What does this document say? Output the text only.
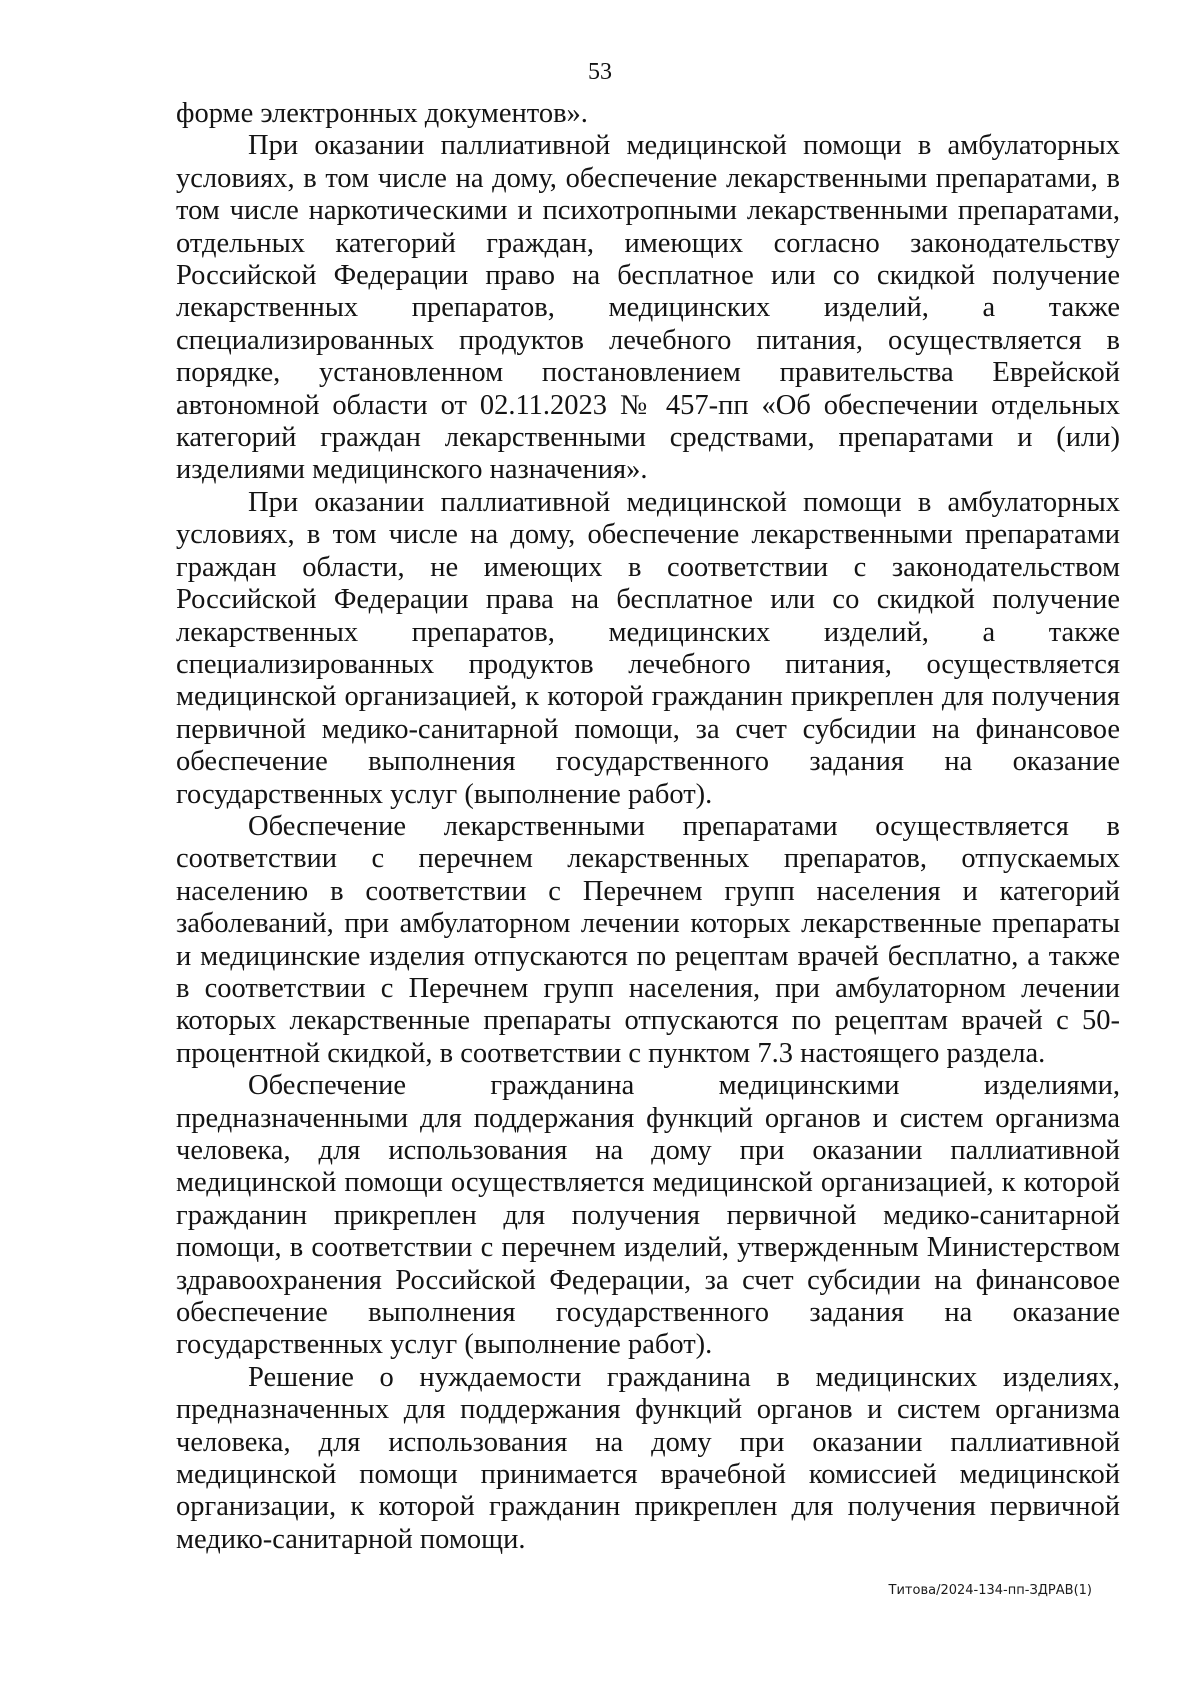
53

форме электронных документов».

При оказании паллиативной медицинской помощи в амбулаторных условиях, в том числе на дому, обеспечение лекарственными препаратами, в том числе наркотическими и психотропными лекарственными препаратами, отдельных категорий граждан, имеющих согласно законодательству Российской Федерации право на бесплатное или со скидкой получение лекарственных препаратов, медицинских изделий, а также специализированных продуктов лечебного питания, осуществляется в порядке, установленном постановлением правительства Еврейской автономной области от 02.11.2023 № 457-пп «Об обеспечении отдельных категорий граждан лекарственными средствами, препаратами и (или) изделиями медицинского назначения».

При оказании паллиативной медицинской помощи в амбулаторных условиях, в том числе на дому, обеспечение лекарственными препаратами граждан области, не имеющих в соответствии с законодательством Российской Федерации права на бесплатное или со скидкой получение лекарственных препаратов, медицинских изделий, а также специализированных продуктов лечебного питания, осуществляется медицинской организацией, к которой гражданин прикреплен для получения первичной медико-санитарной помощи, за счет субсидии на финансовое обеспечение выполнения государственного задания на оказание государственных услуг (выполнение работ).

Обеспечение лекарственными препаратами осуществляется в соответствии с перечнем лекарственных препаратов, отпускаемых населению в соответствии с Перечнем групп населения и категорий заболеваний, при амбулаторном лечении которых лекарственные препараты и медицинские изделия отпускаются по рецептам врачей бесплатно, а также в соответствии с Перечнем групп населения, при амбулаторном лечении которых лекарственные препараты отпускаются по рецептам врачей с 50-процентной скидкой, в соответствии с пунктом 7.3 настоящего раздела.

Обеспечение гражданина медицинскими изделиями, предназначенными для поддержания функций органов и систем организма человека, для использования на дому при оказании паллиативной медицинской помощи осуществляется медицинской организацией, к которой гражданин прикреплен для получения первичной медико-санитарной помощи, в соответствии с перечнем изделий, утвержденным Министерством здравоохранения Российской Федерации, за счет субсидии на финансовое обеспечение выполнения государственного задания на оказание государственных услуг (выполнение работ).

Решение о нуждаемости гражданина в медицинских изделиях, предназначенных для поддержания функций органов и систем организма человека, для использования на дому при оказании паллиативной медицинской помощи принимается врачебной комиссией медицинской организации, к которой гражданин прикреплен для получения первичной медико-санитарной помощи.

Титова/2024-134-пп-ЗДРАВ(1)
